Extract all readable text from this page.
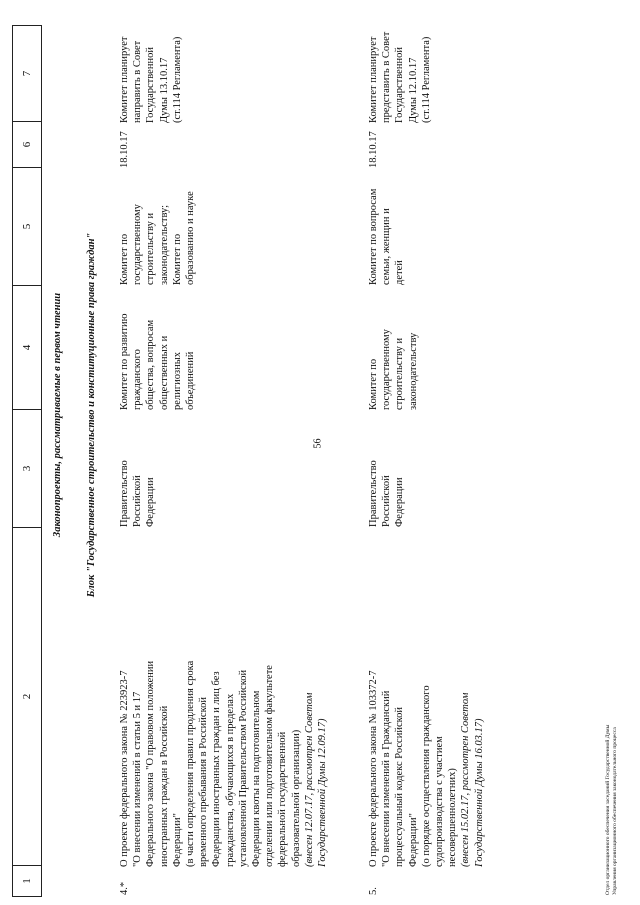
56
1
2
3
4
5
6
7
Законопроекты, рассматриваемые в первом чтении Блок "Государственное строительство и конституционные права граждан"
4.*
О проекте федерального закона № 223923-7 "О внесении изменений в статьи 5 и 17 Федерального закона "О правовом положении иностранных граждан в Российской Федерации" (в части определения правил продления срока временного пребывания в Российской Федерации иностранных граждан и лиц без гражданства, обучающихся в пределах установленной Правительством Российской Федерации квоты на подготовительном отделении или подготовительном факультете федеральной государственной образовательной организации) (внесен 12.07.17, рассмотрен Советом Государственной Думы 12.09.17)
Правительство Российской Федерации
Комитет по развитию гражданского общества, вопросам общественных и религиозных объединений
Комитет по государственному строительству и законодательству; Комитет по образованию и науке
18.10.17
Комитет планирует направить в Совет Государственной Думы 13.10.17 (ст.114 Регламента)
5.
О проекте федерального закона № 103372-7 "О внесении изменений в Гражданский процессуальный кодекс Российской Федерации" (о порядке осуществления гражданского судопроизводства с участием несовершеннолетних) (внесен 15.02.17, рассмотрен Советом Государственной Думы 16.03.17)
Правительство Российской Федерации
Комитет по государственному строительству и законодательству
Комитет по вопросам семьи, женщин и детей
18.10.17
Комитет планирует представить в Совет Государственной Думы 12.10.17 (ст.114 Регламента)
Отдел организационного обеспечения заседаний Государственной Думы Управления организационного обеспечения законодательного процесса
